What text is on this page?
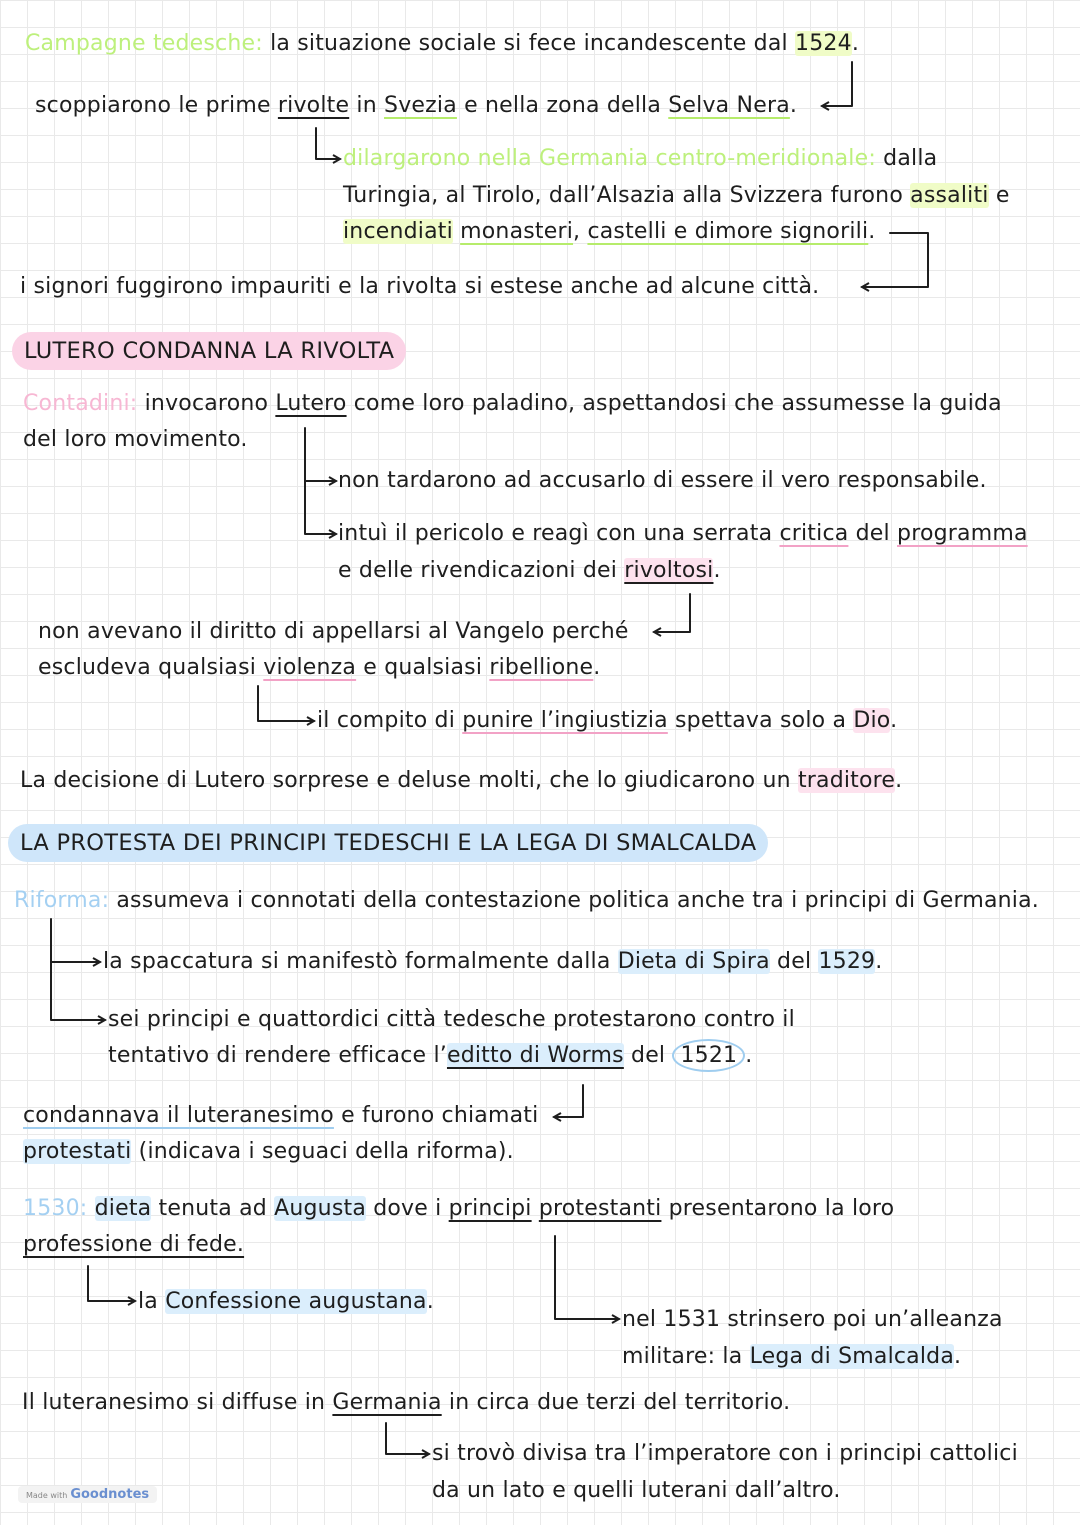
Campagne tedesche: la situazione sociale si fece incandescente dal 1524.
scoppiarono le prime rivolte in Svezia e nella zona della Selva Nera.
dilargarono nella Germania centro-meridionale: dalla
Turingia, al Tirolo, dall’Alsazia alla Svizzera furono assaliti e
incendiati monasteri, castelli e dimore signorili.
i signori fuggirono impauriti e la rivolta si estese anche ad alcune città.
LUTERO CONDANNA LA RIVOLTA
Contadini: invocarono Lutero come loro paladino, aspettandosi che assumesse la guida
del loro movimento.
non tardarono ad accusarlo di essere il vero responsabile.
intuì il pericolo e reagì con una serrata critica del programma
e delle rivendicazioni dei rivoltosi.
non avevano il diritto di appellarsi al Vangelo perché
escludeva qualsiasi violenza e qualsiasi ribellione.
il compito di punire l’ingiustizia spettava solo a Dio.
La decisione di Lutero sorprese e deluse molti, che lo giudicarono un traditore.
LA PROTESTA DEI PRINCIPI TEDESCHI E LA LEGA DI SMALCALDA
Riforma: assumeva i connotati della contestazione politica anche tra i principi di Germania.
la spaccatura si manifestò formalmente dalla Dieta di Spira del 1529.
sei principi e quattordici città tedesche protestarono contro il
tentativo di rendere efficace l’editto di Worms del 1521 .
condannava il luteranesimo e furono chiamati
protestati (indicava i seguaci della riforma).
1530: dieta tenuta ad Augusta dove i principi protestanti presentarono la loro
professione di fede.
la Confessione augustana.
nel 1531 strinsero poi un’alleanza
militare: la Lega di Smalcalda.
Il luteranesimo si diffuse in Germania in circa due terzi del territorio.
si trovò divisa tra l’imperatore con i principi cattolici
da un lato e quelli luterani dall’altro.
Made with Goodnotes
